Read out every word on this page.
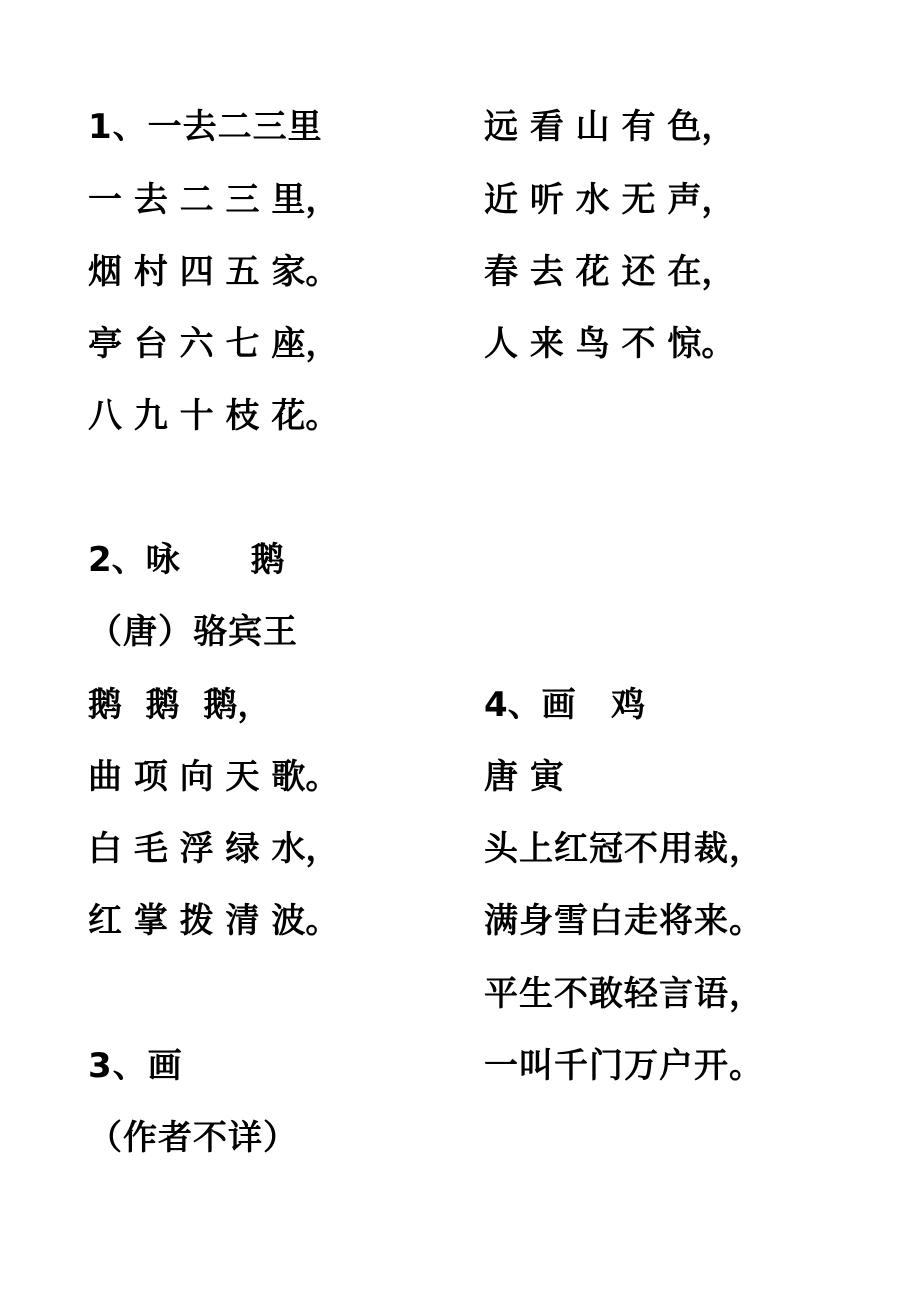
1、一去二三里
一 去 二 三 里，
烟 村 四 五 家。
亭 台 六 七 座，
八 九 十 枝 花。
2、咏      鹅
（唐）骆宾王
鹅  鹅  鹅，
曲 项 向 天 歌。
白 毛 浮 绿 水，
红 掌 拨 清 波。
3、画
（作者不详）
远 看 山 有 色，
近 听 水 无 声，
春 去 花 还 在，
人 来 鸟 不 惊。
4、画   鸡
唐 寅
头上红冠不用裁，
满身雪白走将来。
平生不敢轻言语，
一叫千门万户开。
